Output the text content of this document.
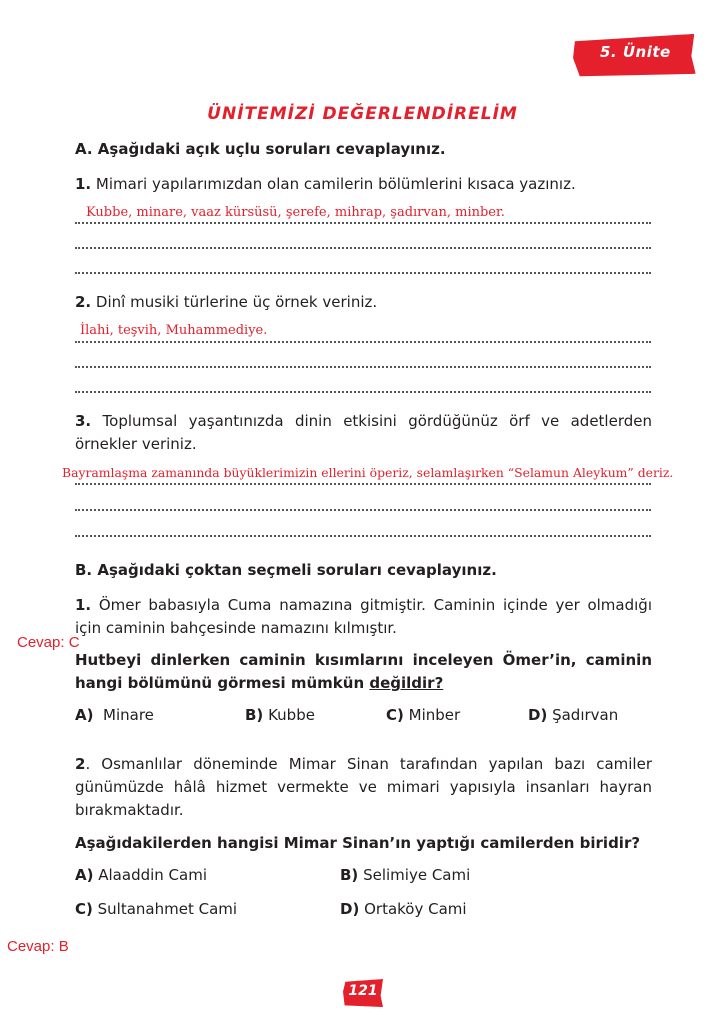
5. Ünite
ÜNİTEMİZİ DEĞERLENDİRELİM
A. Aşağıdaki açık uçlu soruları cevaplayınız.
1. Mimari yapılarımızdan olan camilerin bölümlerini kısaca yazınız.
Kubbe, minare, vaaz kürsüsü, şerefe, mihrap, şadırvan, minber.
2. Dinî musiki türlerine üç örnek veriniz.
İlahi, teşvih, Muhammediye.
3. Toplumsal yaşantınızda dinin etkisini gördüğünüz örf ve adetlerden örnekler veriniz.
Bayramlaşma zamanında büyüklerimizin ellerini öperiz, selamlaşırken “Selamun Aleykum” deriz.
B. Aşağıdaki çoktan seçmeli soruları cevaplayınız.
1. Ömer babasıyla Cuma namazına gitmiştir. Caminin içinde yer olmadığı için caminin bahçesinde namazını kılmıştır.
Cevap: C
Hutbeyi dinlerken caminin kısımlarını inceleyen Ömer’in, caminin hangi bölümünü görmesi mümkün değildir?
A) Minare	B) Kubbe	C) Minber	D) Şadırvan
2. Osmanlılar döneminde Mimar Sinan tarafından yapılan bazı camiler günümüzde hâlâ hizmet vermekte ve mimari yapısıyla insanları hayran bırakmaktadır.
Aşağıdakilerden hangisi Mimar Sinan’ın yaptığı camilerden biridir?
A) Alaaddin Cami	B) Selimiye Cami
C) Sultanahmet Cami	D) Ortaköy Cami
Cevap: B
121
